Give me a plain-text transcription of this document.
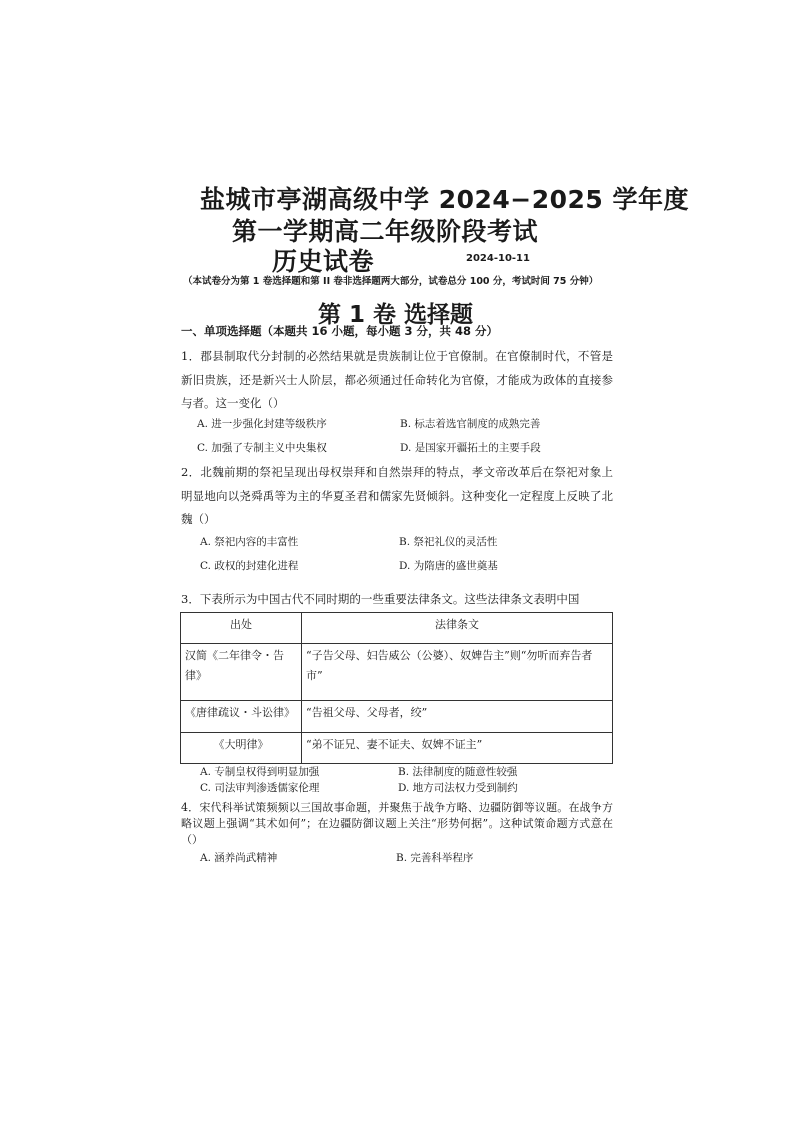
盐城市亭湖高级中学 2024−2025 学年度
第一学期高二年级阶段考试
历史试卷	2024-10-11
（本试卷分为第 1 卷选择题和第 II 卷非选择题两大部分，试卷总分 100 分，考试时间 75 分钟）
第 1 卷 选择题
一、单项选择题（本题共 16 小题，每小题 3 分，共 48 分）
1．郡县制取代分封制的必然结果就是贵族制让位于官僚制。在官僚制时代，不管是新旧贵族，还是新兴士人阶层，都必须通过任命转化为官僚，才能成为政体的直接参与者。这一变化（）
A. 进一步强化封建等级秩序	B. 标志着选官制度的成熟完善
C. 加强了专制主义中央集权	D. 是国家开疆拓土的主要手段
2．北魏前期的祭祀呈现出母权崇拜和自然崇拜的特点，孝文帝改革后在祭祀对象上明显地向以尧舜禹等为主的华夏圣君和儒家先贤倾斜。这种变化一定程度上反映了北魏（）
A. 祭祀内容的丰富性	B. 祭祀礼仪的灵活性
C. 政权的封建化进程	D. 为隋唐的盛世奠基
3．下表所示为中国古代不同时期的一些重要法律条文。这些法律条文表明中国
出处	法律条文
汉简《二年律令・告律》	“子告父母、妇告威公（公婆）、奴婢告主”则“勿听而弃告者市”
《唐律疏议・斗讼律》	“告祖父母、父母者，绞”
《大明律》	“弟不证兄、妻不证夫、奴婢不证主”
A. 专制皇权得到明显加强	B. 法律制度的随意性较强
C. 司法审判渗透儒家伦理	D. 地方司法权力受到制约
4．宋代科举试策频频以三国故事命题，并聚焦于战争方略、边疆防御等议题。在战争方略议题上强调“其术如何”；在边疆防御议题上关注“形势何据”。这种试策命题方式意在（）
A. 涵养尚武精神	B. 完善科举程序
